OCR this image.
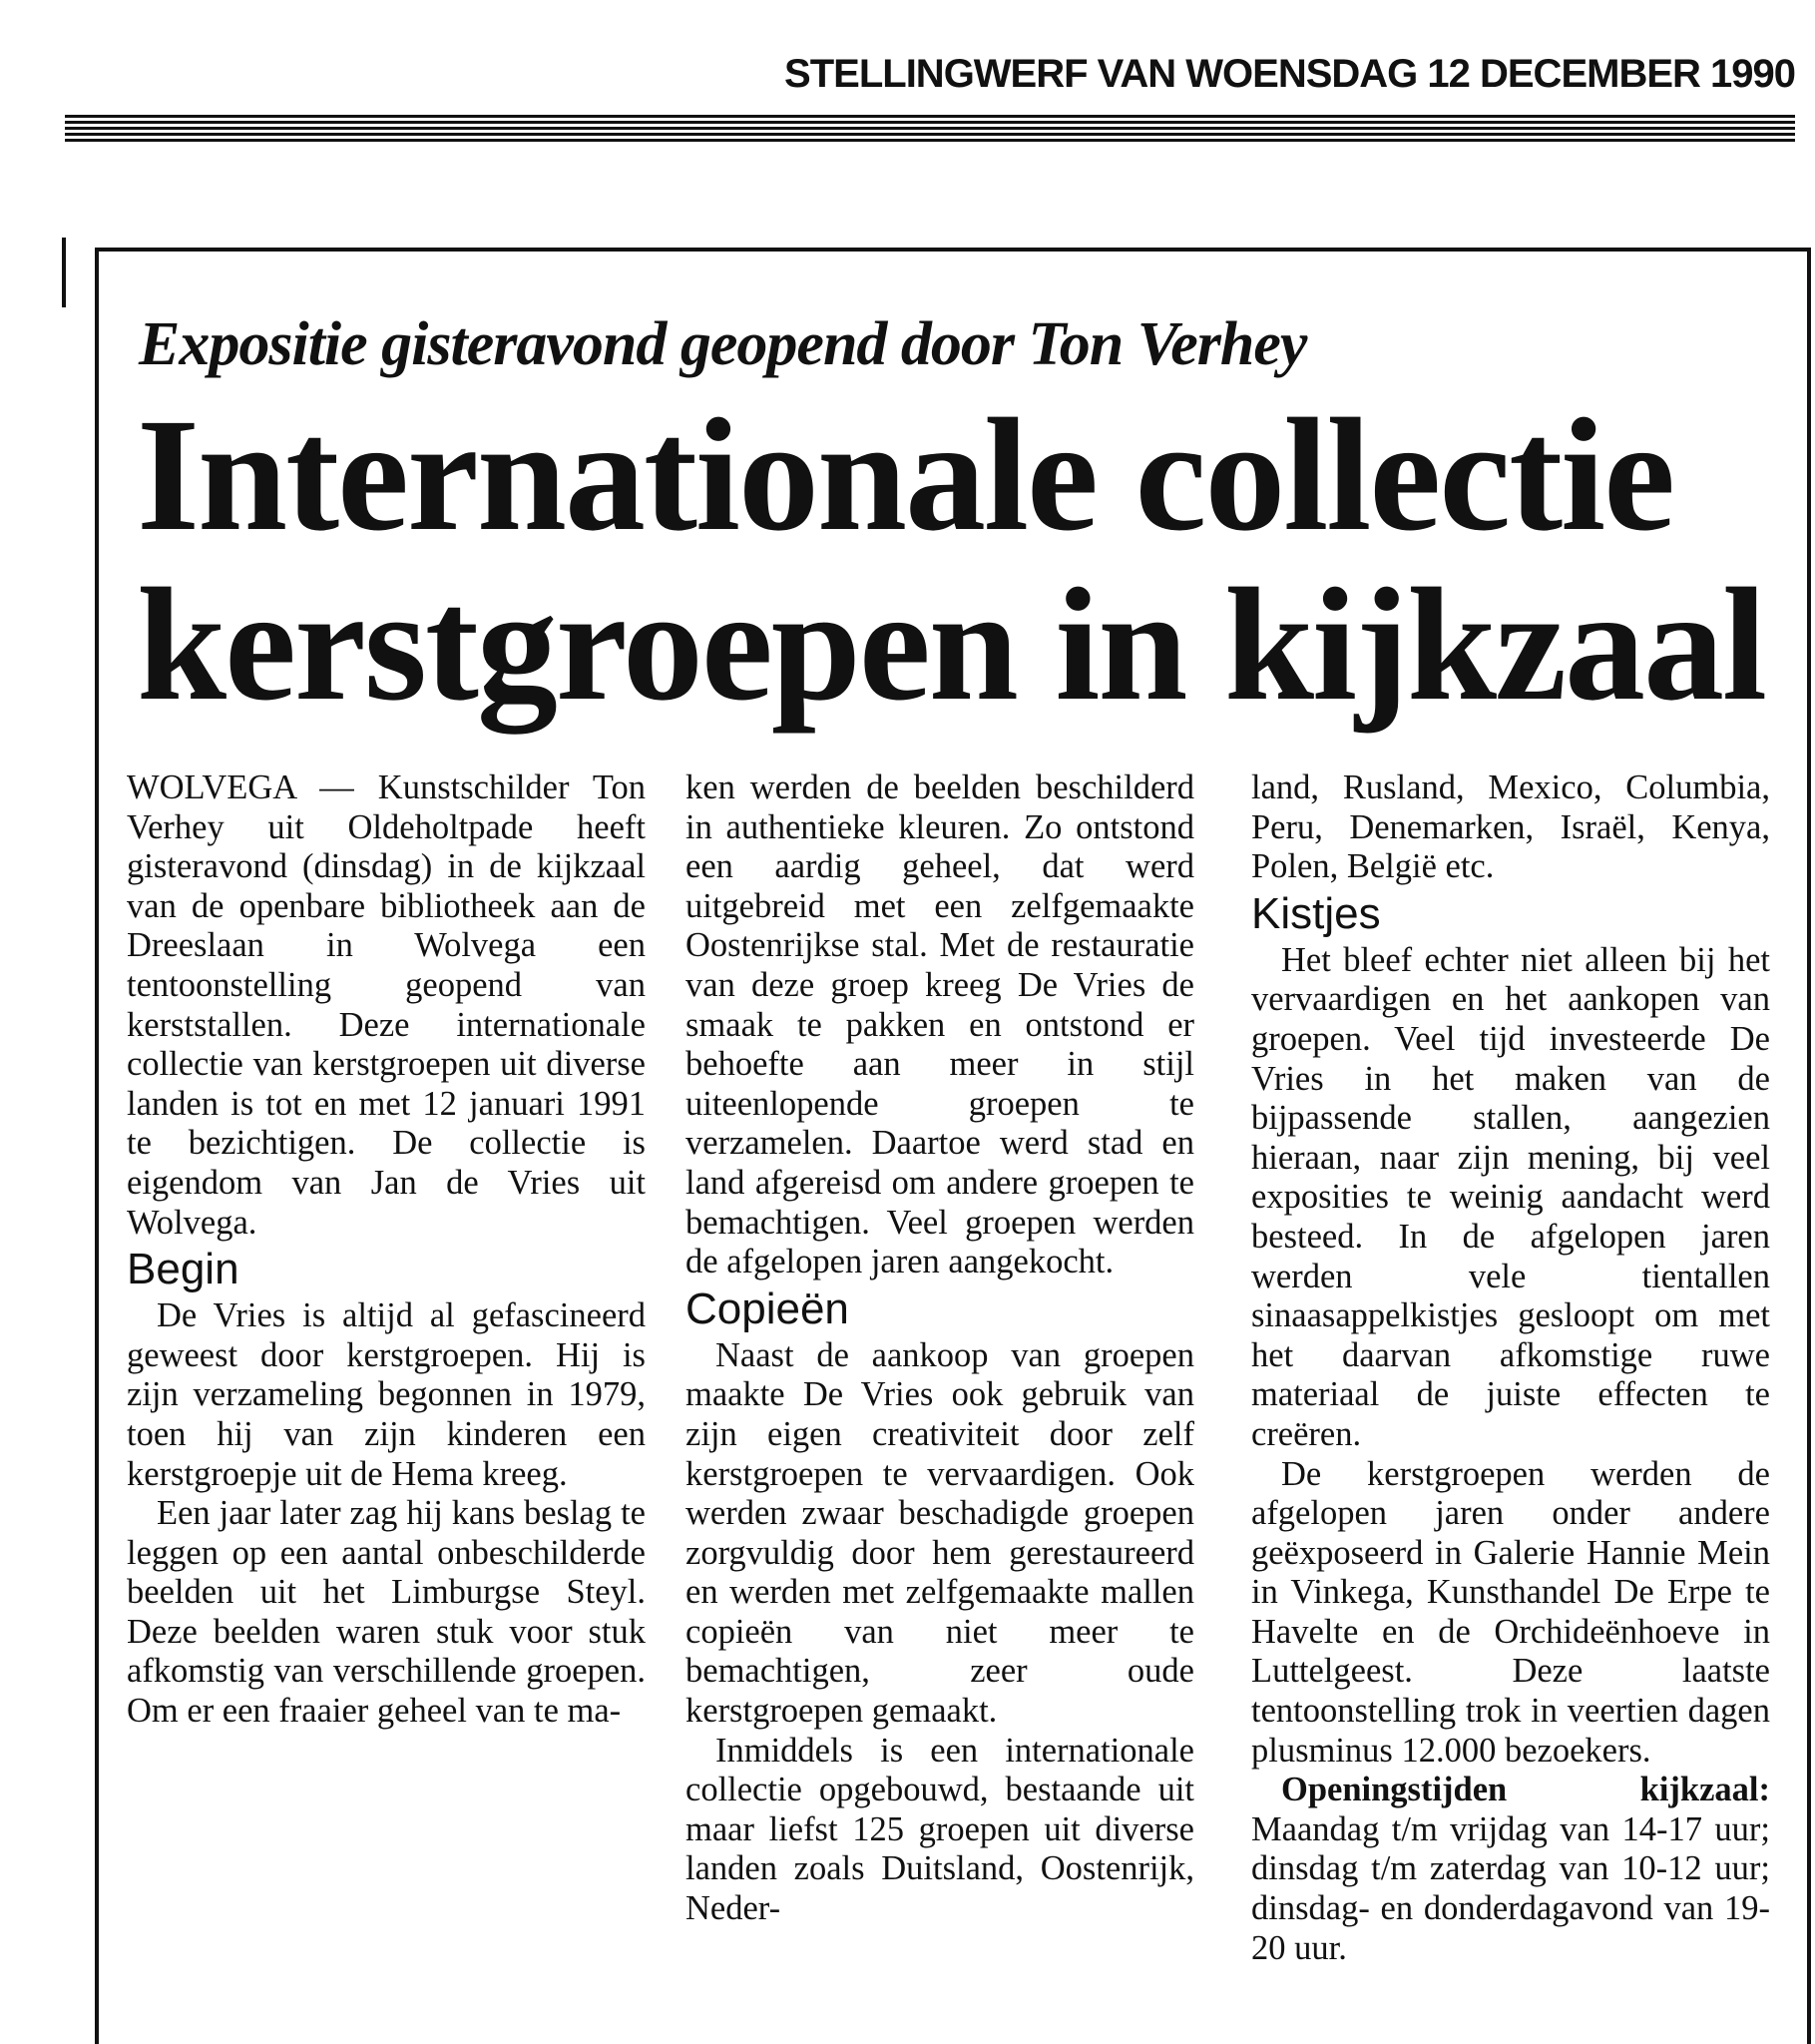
STELLINGWERF VAN WOENSDAG 12 DECEMBER 1990
Expositie gisteravond geopend door Ton Verhey
Internationale collectie kerstgroepen in kijkzaal

WOLVEGA — Kunstschilder Ton Verhey uit Oldeholtpade heeft gisteravond (dinsdag) in de kijkzaal van de openbare bibliotheek aan de Dreeslaan in Wolvega een tentoonstelling geopend van kerststallen. Deze internationale collectie van kerstgroepen uit diverse landen is tot en met 12 januari 1991 te bezichtigen. De collectie is eigendom van Jan de Vries uit Wolvega.

Begin

De Vries is altijd al gefascineerd geweest door kerstgroepen. Hij is zijn verzameling begonnen in 1979, toen hij van zijn kinderen een kerstgroepje uit de Hema kreeg.

Een jaar later zag hij kans beslag te leggen op een aantal onbeschilderde beelden uit het Limburgse Steyl. Deze beelden waren stuk voor stuk afkomstig van verschillende groepen. Om er een fraaier geheel van te ma-

ken werden de beelden beschilderd in authentieke kleuren. Zo ontstond een aardig geheel, dat werd uitgebreid met een zelfgemaakte Oostenrijkse stal. Met de restauratie van deze groep kreeg De Vries de smaak te pakken en ontstond er behoefte aan meer in stijl uiteenlopende groepen te verzamelen. Daartoe werd stad en land afgereisd om andere groepen te bemachtigen. Veel groepen werden de afgelopen jaren aangekocht.

Copieën

Naast de aankoop van groepen maakte De Vries ook gebruik van zijn eigen creativiteit door zelf kerstgroepen te vervaardigen. Ook werden zwaar beschadigde groepen zorgvuldig door hem gerestaureerd en werden met zelfgemaakte mallen copieën van niet meer te bemachtigen, zeer oude kerstgroepen gemaakt.

Inmiddels is een internationale collectie opgebouwd, bestaande uit maar liefst 125 groepen uit diverse landen zoals Duitsland, Oostenrijk, Neder-

land, Rusland, Mexico, Columbia, Peru, Denemarken, Israël, Kenya, Polen, België etc.

Kistjes

Het bleef echter niet alleen bij het vervaardigen en het aankopen van groepen. Veel tijd investeerde De Vries in het maken van de bijpassende stallen, aangezien hieraan, naar zijn mening, bij veel exposities te weinig aandacht werd besteed. In de afgelopen jaren werden vele tientallen sinaasappelkistjes gesloopt om met het daarvan afkomstige ruwe materiaal de juiste effecten te creëren.

De kerstgroepen werden de afgelopen jaren onder andere geëxposeerd in Galerie Hannie Mein in Vinkega, Kunsthandel De Erpe te Havelte en de Orchideënhoeve in Luttelgeest. Deze laatste tentoonstelling trok in veertien dagen plusminus 12.000 bezoekers.

Openingstijden kijkzaal: Maandag t/m vrijdag van 14-17 uur; dinsdag t/m zaterdag van 10-12 uur; dinsdag- en donderdagavond van 19-20 uur.
